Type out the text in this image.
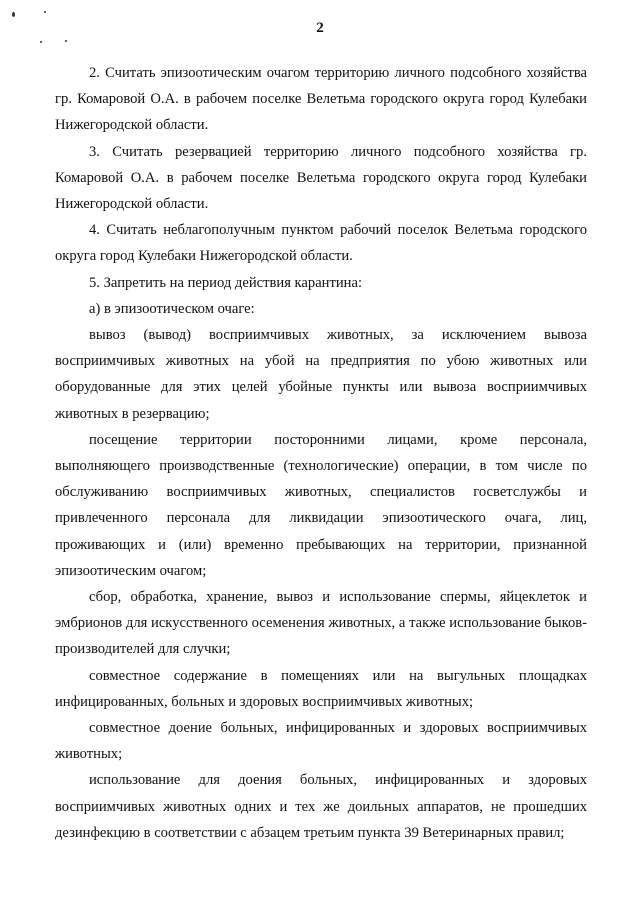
2

2. Считать эпизоотическим очагом территорию личного подсобного хозяйства гр. Комаровой О.А. в рабочем поселке Велетьма городского округа город Кулебаки Нижегородской области.

3. Считать резервацией территорию личного подсобного хозяйства гр. Комаровой О.А. в рабочем поселке Велетьма городского округа город Кулебаки Нижегородской области.

4. Считать неблагополучным пунктом рабочий поселок Велетьма городского округа город Кулебаки Нижегородской области.

5. Запретить на период действия карантина:

а) в эпизоотическом очаге:

вывоз (вывод) восприимчивых животных, за исключением вывоза восприимчивых животных на убой на предприятия по убою животных или оборудованные для этих целей убойные пункты или вывоза восприимчивых животных в резервацию;

посещение территории посторонними лицами, кроме персонала, выполняющего производственные (технологические) операции, в том числе по обслуживанию восприимчивых животных, специалистов госветслужбы и привлеченного персонала для ликвидации эпизоотического очага, лиц, проживающих и (или) временно пребывающих на территории, признанной эпизоотическим очагом;

сбор, обработка, хранение, вывоз и использование спермы, яйцеклеток и эмбрионов для искусственного осеменения животных, а также использование быков-производителей для случки;

совместное содержание в помещениях или на выгульных площадках инфицированных, больных и здоровых восприимчивых животных;

совместное доение больных, инфицированных и здоровых восприимчивых животных;

использование для доения больных, инфицированных и здоровых восприимчивых животных одних и тех же доильных аппаратов, не прошедших дезинфекцию в соответствии с абзацем третьим пункта 39 Ветеринарных правил;
